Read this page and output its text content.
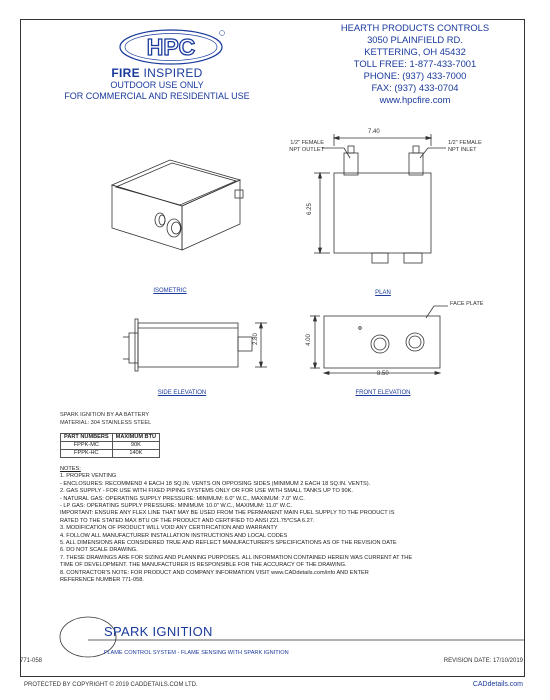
HPC
FIRE INSPIRED
OUTDOOR USE ONLY
FOR COMMERCIAL AND RESIDENTIAL USE
HEARTH PRODUCTS CONTROLS
3050 PLAINFIELD RD.
KETTERING, OH 45432
TOLL FREE: 1-877-433-7001
PHONE: (937) 433-7000
FAX: (937) 433-0704
www.hpcfire.com
ISOMETRIC
7.40
6.25
1/2" FEMALE
NPT OUTLET
1/2" FEMALE
NPT INLET
PLAN
2.80
SIDE ELEVATION
4.00
8.50
FACE PLATE
FRONT ELEVATION
SPARK IGNITION BY AA BATTERY
MATERIAL: 304 STAINLESS STEEL
PART NUMBERS	MAXIMUM BTU
FPPK-MC	90K
FPPK-HC	140K
NOTES:
1. PROPER VENTING
- ENCLOSURES: RECOMMEND 4 EACH 18 SQ.IN. VENTS ON OPPOSING SIDES (MINIMUM 2 EACH 18 SQ.IN. VENTS).
2. GAS SUPPLY - FOR USE WITH FIXED PIPING SYSTEMS ONLY OR FOR USE WITH SMALL TANKS UP TO 90K.
- NATURAL GAS: OPERATING SUPPLY PRESSURE: MINIMUM: 6.0" W.C., MAXIMUM: 7.0" W.C.
- LP GAS: OPERATING SUPPLY PRESSURE: MINIMUM: 10.0" W.C., MAXIMUM: 11.0" W.C.
IMPORTANT: ENSURE ANY FLEX LINE THAT MAY BE USED FROM THE PERMANENT MAIN FUEL SUPPLY TO THE PRODUCT IS
RATED TO THE STATED MAX BTU OF THE PRODUCT AND CERTIFIED TO ANSI Z21.75*CSA 6.27.
3. MODIFICATION OF PRODUCT WILL VOID ANY CERTIFICATION AND WARRANTY
4. FOLLOW ALL MANUFACTURER INSTALLATION INSTRUCTIONS AND LOCAL CODES
5. ALL DIMENSIONS ARE CONSIDERED TRUE AND REFLECT MANUFACTURER'S SPECIFICATIONS AS OF THE REVISION DATE
6. DO NOT SCALE DRAWING.
7. THESE DRAWINGS ARE FOR SIZING AND PLANNING PURPOSES. ALL INFORMATION CONTAINED HEREIN WAS CURRENT AT THE
TIME OF DEVELOPMENT. THE MANUFACTURER IS RESPONSIBLE FOR THE ACCURACY OF THE DRAWING.
8. CONTRACTOR'S NOTE: FOR PRODUCT AND COMPANY INFORMATION VISIT www.CADdetails.com/info AND ENTER
REFERENCE NUMBER 771-058.
SPARK IGNITION
FLAME CONTROL SYSTEM - FLAME SENSING WITH SPARK IGNITION
771-058	REVISION DATE: 17/10/2019
PROTECTED BY COPYRIGHT © 2019 CADDETAILS.COM LTD.	CADdetails.com
